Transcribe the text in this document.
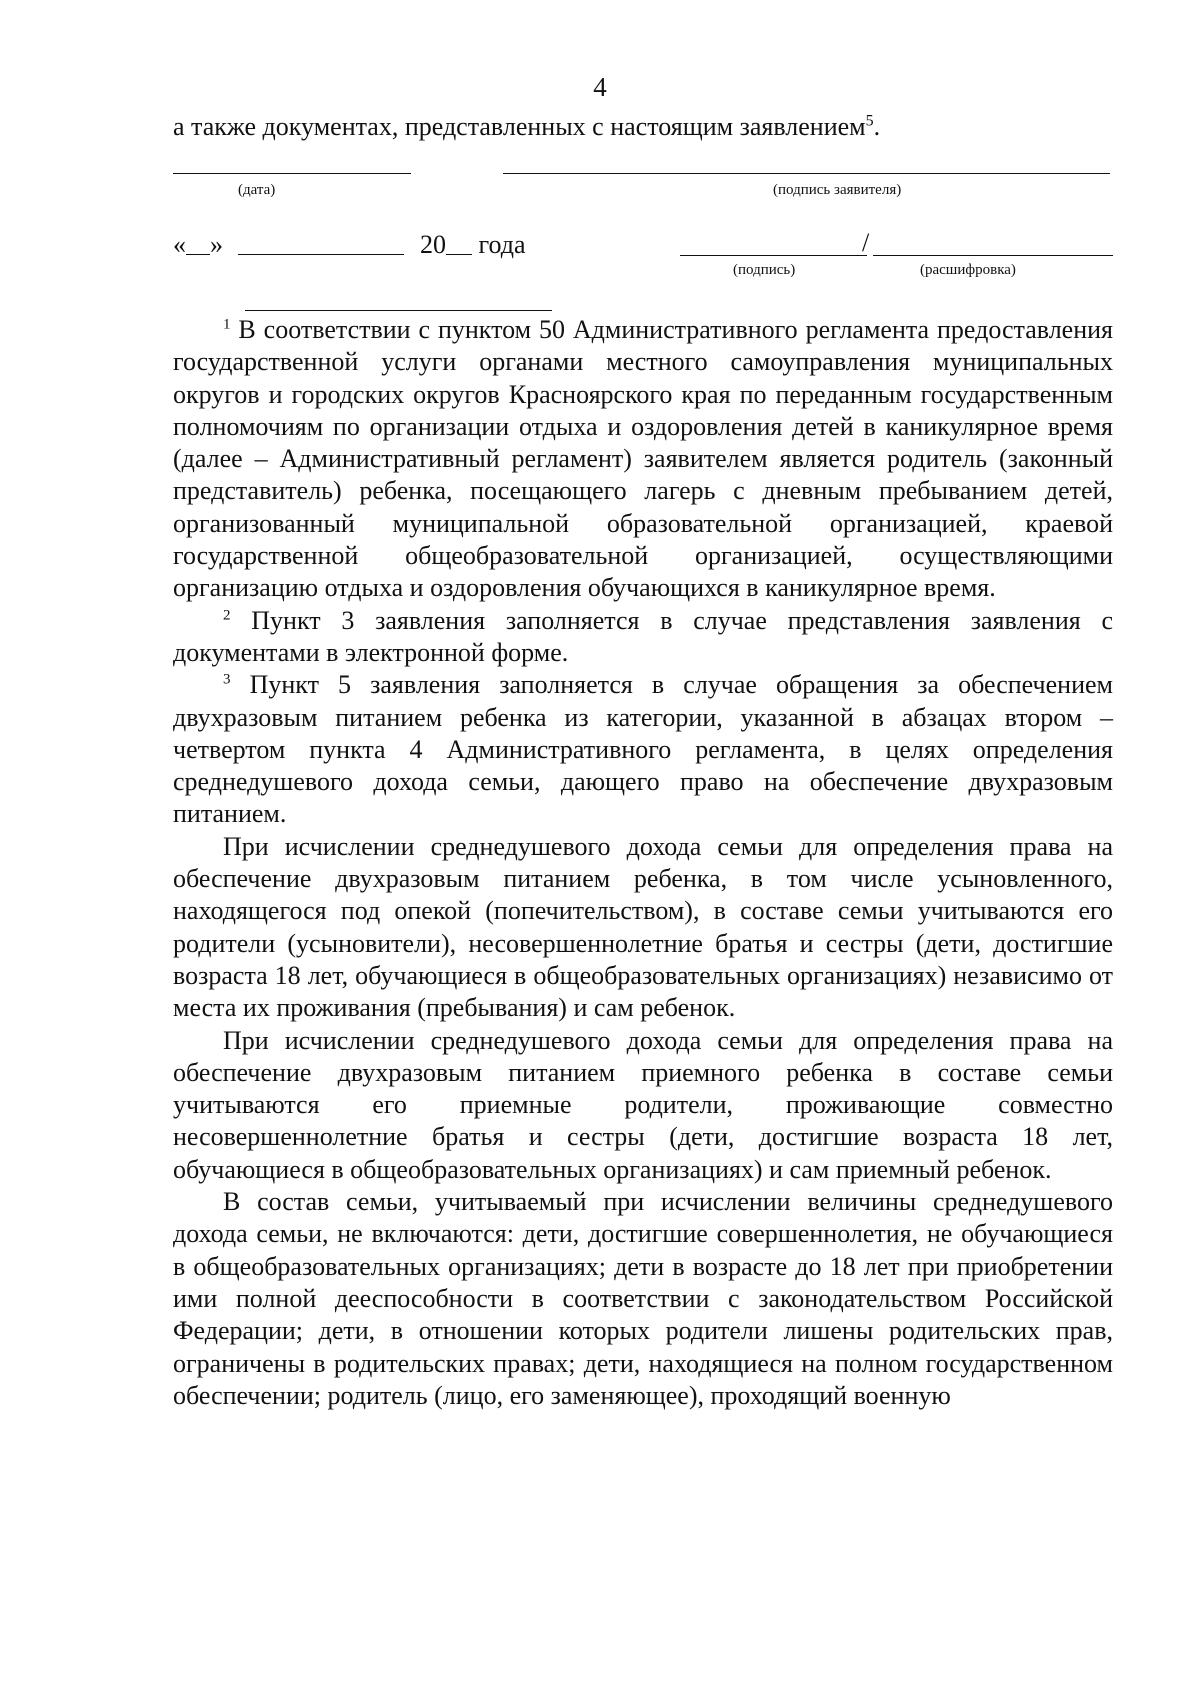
4
а также документах, представленных с настоящим заявлением$^5$.
(дата)	(подпись заявителя)
« »	20 года	/
(подпись)	(расшифровка)

$^1$ В соответствии с пунктом 50 Административного регламента предоставления государственной услуги органами местного самоуправления муниципальных округов и городских округов Красноярского края по переданным государственным полномочиям по организации отдыха и оздоровления детей в каникулярное время (далее – Административный регламент) заявителем является родитель (законный представитель) ребенка, посещающего лагерь с дневным пребыванием детей, организованный муниципальной образовательной организацией, краевой государственной общеобразовательной организацией, осуществляющими организацию отдыха и оздоровления обучающихся в каникулярное время.

$^2$ Пункт 3 заявления заполняется в случае представления заявления с документами в электронной форме.

$^3$ Пункт 5 заявления заполняется в случае обращения за обеспечением двухразовым питанием ребенка из категории, указанной в абзацах втором – четвертом пункта 4 Административного регламента, в целях определения среднедушевого дохода семьи, дающего право на обеспечение двухразовым питанием.

При исчислении среднедушевого дохода семьи для определения права на обеспечение двухразовым питанием ребенка, в том числе усыновленного, находящегося под опекой (попечительством), в составе семьи учитываются его родители (усыновители), несовершеннолетние братья и сестры (дети, достигшие возраста 18 лет, обучающиеся в общеобразовательных организациях) независимо от места их проживания (пребывания) и сам ребенок.

При исчислении среднедушевого дохода семьи для определения права на обеспечение двухразовым питанием приемного ребенка в составе семьи учитываются его приемные родители, проживающие совместно несовершеннолетние братья и сестры (дети, достигшие возраста 18 лет, обучающиеся в общеобразовательных организациях) и сам приемный ребенок.

В состав семьи, учитываемый при исчислении величины среднедушевого дохода семьи, не включаются: дети, достигшие совершеннолетия, не обучающиеся в общеобразовательных организациях; дети в возрасте до 18 лет при приобретении ими полной дееспособности в соответствии с законодательством Российской Федерации; дети, в отношении которых родители лишены родительских прав, ограничены в родительских правах; дети, находящиеся на полном государственном обеспечении; родитель (лицо, его заменяющее), проходящий военную
